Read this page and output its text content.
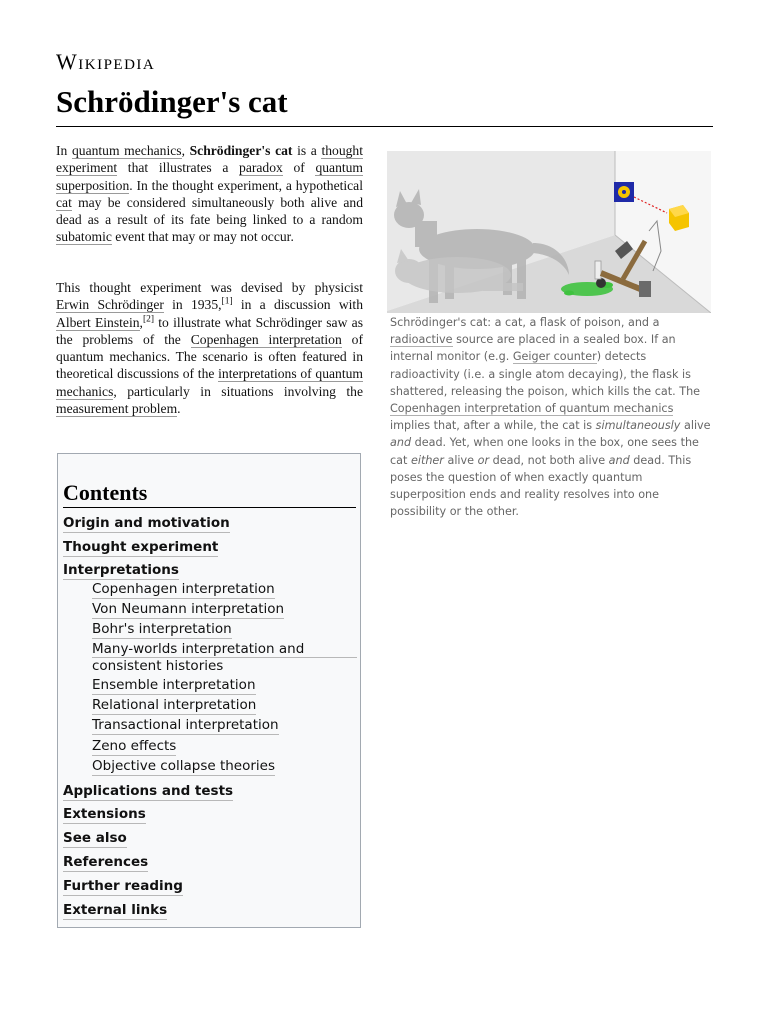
Wikipedia
Schrödinger's cat

In quantum mechanics, Schrödinger's cat is a thought experiment that illustrates a paradox of quantum superposition. In the thought experiment, a hypothetical cat may be considered simultaneously both alive and dead as a result of its fate being linked to a random subatomic event that may or may not occur.

This thought experiment was devised by physicist Erwin Schrödinger in 1935,[1] in a discussion with Albert Einstein,[2] to illustrate what Schrödinger saw as the problems of the Copenhagen interpretation of quantum mechanics. The scenario is often featured in theoretical discussions of the interpretations of quantum mechanics, particularly in situations involving the measurement problem.

Schrödinger's cat: a cat, a flask of poison, and a radioactive source are placed in a sealed box. If an internal monitor (e.g. Geiger counter) detects radioactivity (i.e. a single atom decaying), the flask is shattered, releasing the poison, which kills the cat. The Copenhagen interpretation of quantum mechanics implies that, after a while, the cat is simultaneously alive and dead. Yet, when one looks in the box, one sees the cat either alive or dead, not both alive and dead. This poses the question of when exactly quantum superposition ends and reality resolves into one possibility or the other.

Contents
Origin and motivation
Thought experiment
Interpretations
Copenhagen interpretation
Von Neumann interpretation
Bohr's interpretation
Many-worlds interpretation and
consistent histories
Ensemble interpretation
Relational interpretation
Transactional interpretation
Zeno effects
Objective collapse theories
Applications and tests
Extensions
See also
References
Further reading
External links
